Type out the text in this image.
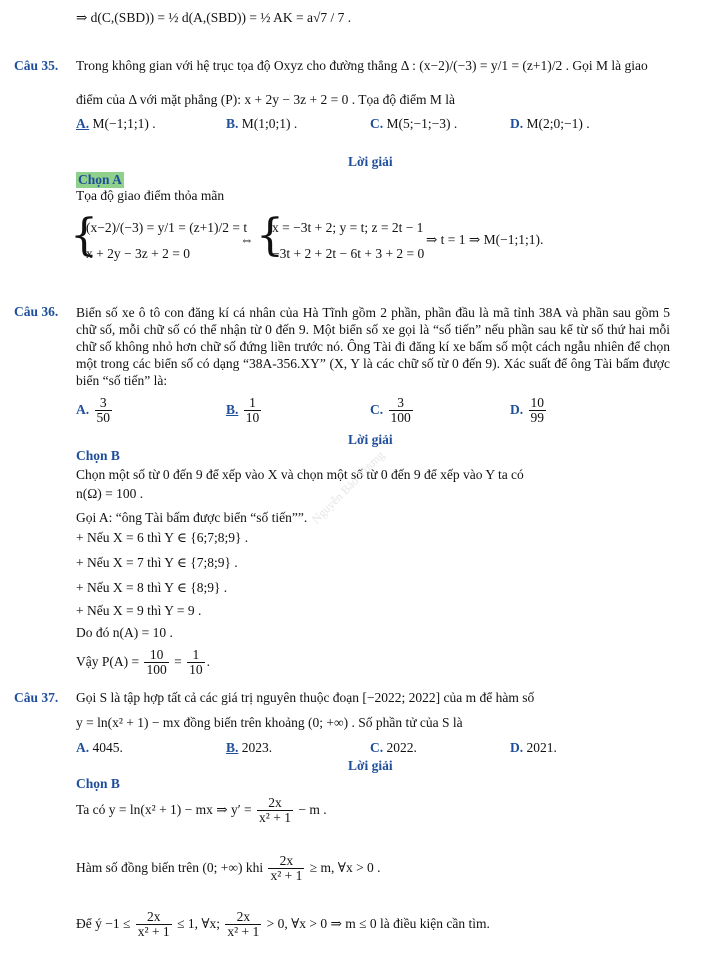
⇒ d(C,(SBD)) = ½ d(A,(SBD)) = ½ AK = a√7 / 7 .
Câu 35. Trong không gian với hệ trục tọa độ Oxyz cho đường thẳng Δ : (x−2)/(−3) = y/1 = (z+1)/2 . Gọi M là giao
điểm của Δ với mặt phẳng (P): x + 2y − 3z + 2 = 0 . Tọa độ điểm M là
A. M(−1;1;1) .	B. M(1;0;1) .	C. M(5;−1;−3) .	D. M(2;0;−1) .
Lời giải
Chọn A
Tọa độ giao điểm thỏa mãn
{
(x−2)/(−3) = y/1 = (z+1)/2 = t
x + 2y − 3z + 2 = 0
⇔ {
x = −3t + 2; y = t; z = 2t − 1
−3t + 2 + 2t − 6t + 3 + 2 = 0
⇒ t = 1 ⇒ M(−1;1;1).
Câu 36. Biển số xe ô tô con đăng kí cá nhân của Hà Tĩnh gồm 2 phần, phần đầu là mã tỉnh 38A và phần sau gồm 5 chữ số, mỗi chữ số có thể nhận từ 0 đến 9. Một biển số xe gọi là “số tiến” nếu phần sau kể từ số thứ hai mỗi chữ số không nhỏ hơn chữ số đứng liền trước nó. Ông Tài đi đăng kí xe bấm số một cách ngẫu nhiên để chọn một trong các biển số có dạng “38A-356.XY” (X, Y là các chữ số từ 0 đến 9). Xác suất để ông Tài bấm được biển “số tiến” là:
A. $\frac{3}{50}$	B. $\frac{1}{10}$	C. $\frac{3}{100}$	D. $\frac{10}{99}$
Lời giải
Chọn B
Chọn một số từ 0 đến 9 để xếp vào X và chọn một số từ 0 đến 9 để xếp vào Y ta có
n(Ω) = 100 .
Gọi A: “ông Tài bấm được biển “số tiến””.
+ Nếu X = 6 thì Y ∈ {6;7;8;9} .
+ Nếu X = 7 thì Y ∈ {7;8;9} .
+ Nếu X = 8 thì Y ∈ {8;9} .
+ Nếu X = 9 thì Y = 9 .
Do đó n(A) = 10 .
Vậy $P(A) = \frac{10}{100} = \frac{1}{10}$ .
Nguyễn Bảo Vương
Câu 37. Gọi S là tập hợp tất cả các giá trị nguyên thuộc đoạn [−2022; 2022] của m để hàm số
y = ln(x² + 1) − mx đồng biến trên khoảng (0; +∞) . Số phần tử của S là
A. 4045.	B. 2023.	C. 2022.	D. 2021.
Lời giải
Chọn B
Ta có y = ln(x² + 1) − mx ⇒ $y' = \frac{2x}{\text{x² + 1}} - m$ .
Hàm số đồng biến trên (0; +∞) khi $\frac{2x}{\text{x² + 1}} \ge m$, ∀x > 0 .
Để ý $-1 \le \frac{2x}{\text{x² + 1}} \le 1$, ∀x; $\frac{2x}{\text{x² + 1}} > 0$, ∀x > 0 ⇒ m ≤ 0 là điều kiện cần tìm.
